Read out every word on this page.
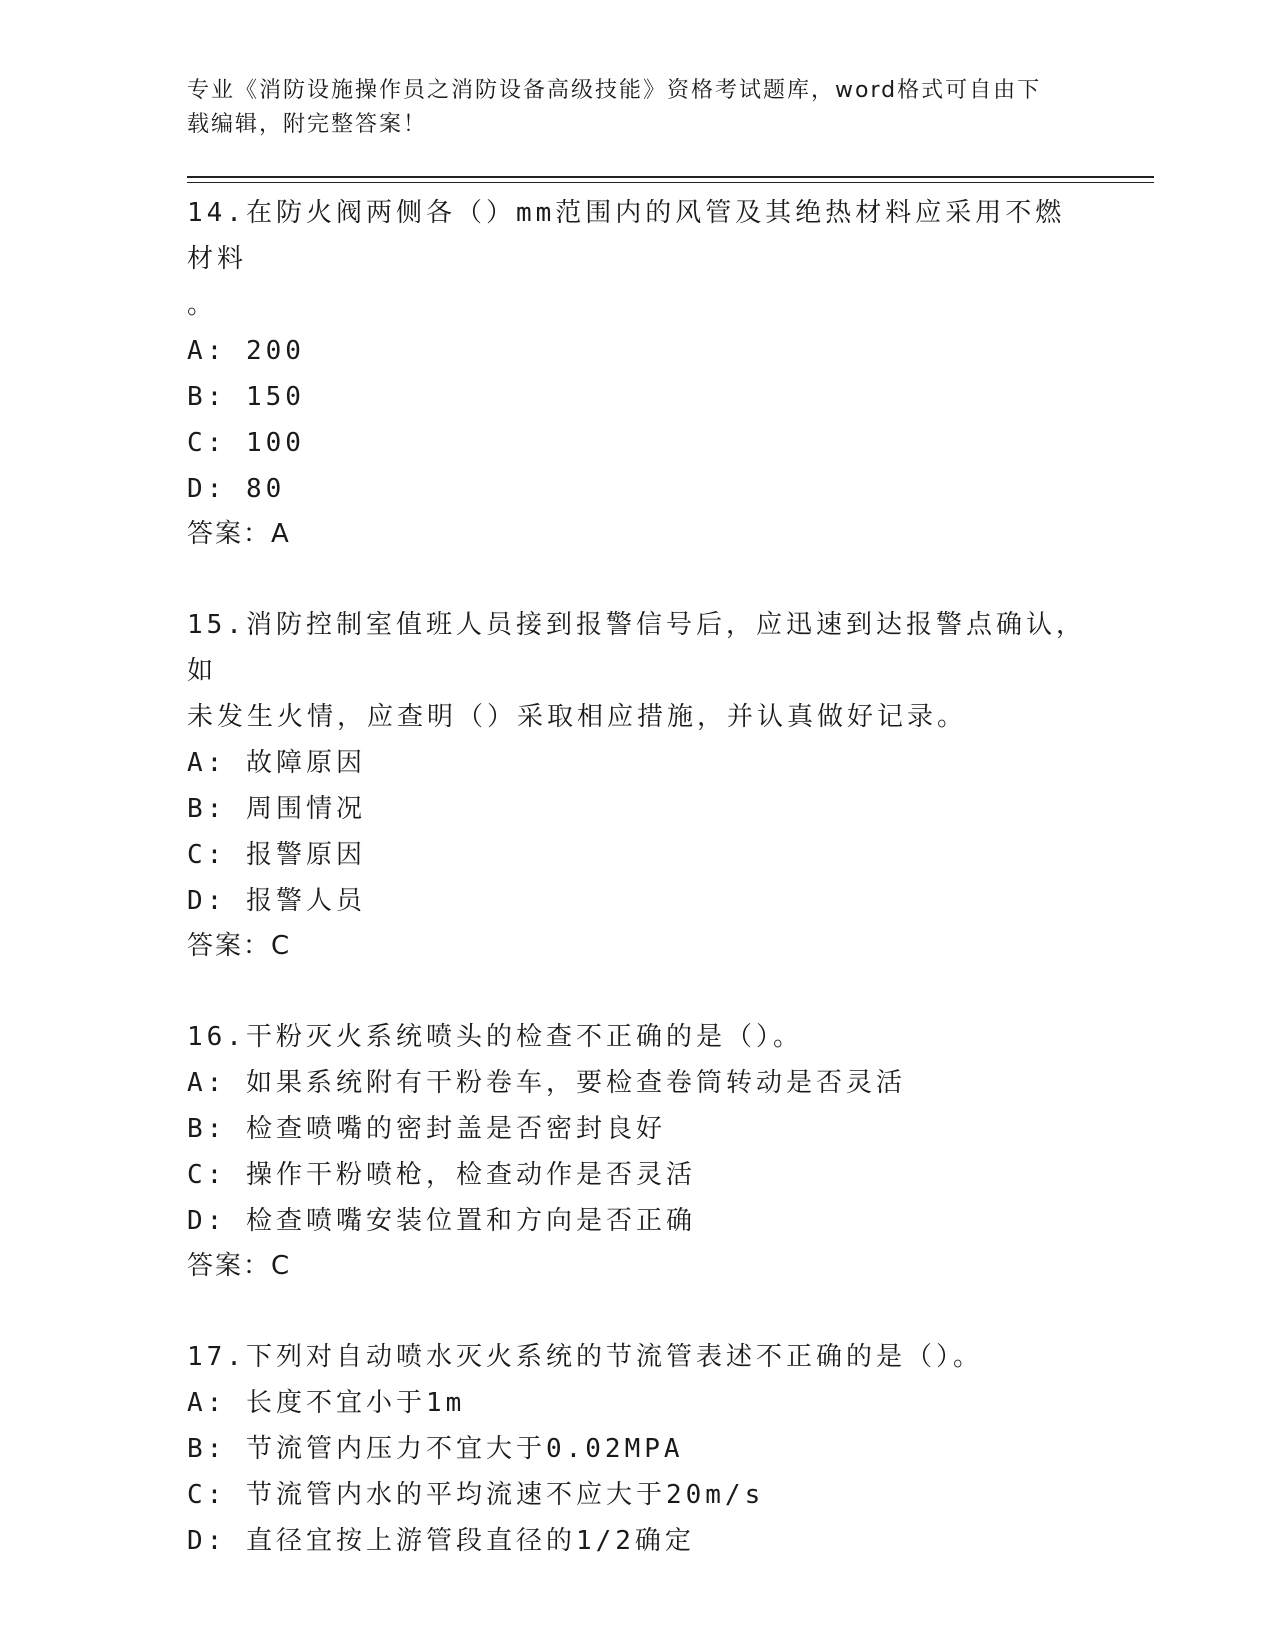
专业《消防设施操作员之消防设备高级技能》资格考试题库，word格式可自由下
载编辑，附完整答案！
14.在防火阀两侧各（）mm范围内的风管及其绝热材料应采用不燃材料
。
A: 200
B: 150
C: 100
D: 80
答案：A
15.消防控制室值班人员接到报警信号后，应迅速到达报警点确认，如
未发生火情，应查明（）采取相应措施，并认真做好记录。
A: 故障原因
B: 周围情况
C: 报警原因
D: 报警人员
答案：C
16.干粉灭火系统喷头的检查不正确的是（）。
A: 如果系统附有干粉卷车，要检查卷筒转动是否灵活
B: 检查喷嘴的密封盖是否密封良好
C: 操作干粉喷枪，检查动作是否灵活
D: 检查喷嘴安装位置和方向是否正确
答案：C
17.下列对自动喷水灭火系统的节流管表述不正确的是（）。
A: 长度不宜小于1m
B: 节流管内压力不宜大于0.02MPA
C: 节流管内水的平均流速不应大于20m/s
D: 直径宜按上游管段直径的1/2确定
